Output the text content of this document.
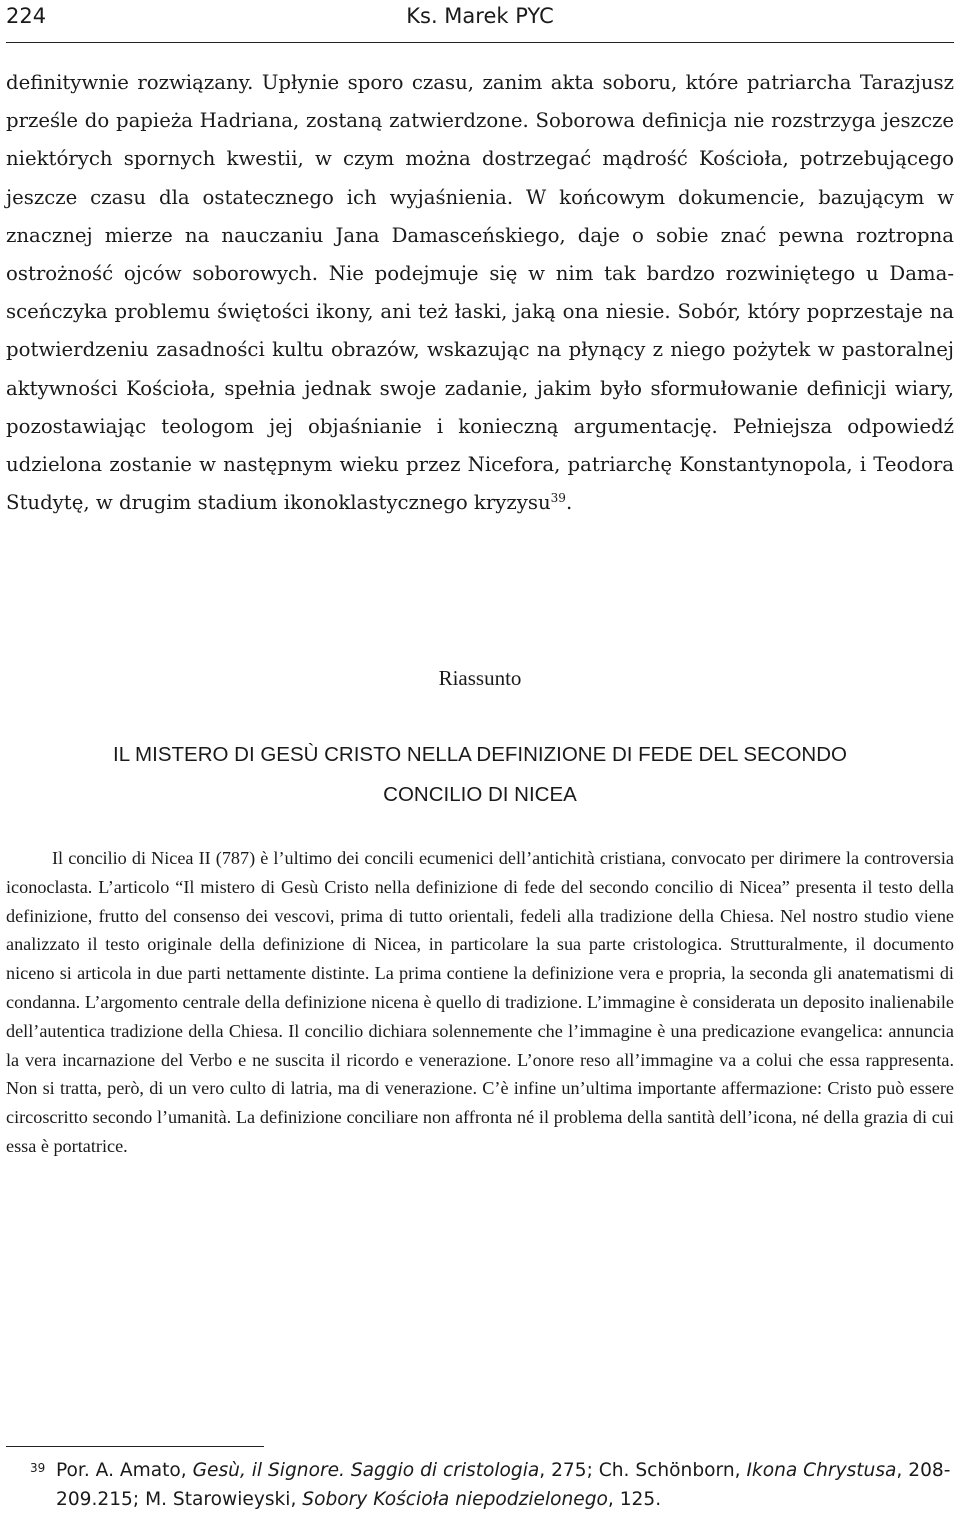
224	Ks. Marek PYC
definitywnie rozwiązany. Upłynie sporo czasu, zanim akta soboru, które patriarcha Tarazjusz prześle do papieża Hadriana, zostaną zatwierdzone. Soborowa definicja nie rozstrzyga jeszcze niektórych spornych kwestii, w czym można dostrzegać mądrość Kościoła, potrzebującego jeszcze czasu dla ostatecznego ich wyjaśnienia. W końcowym dokumencie, bazującym w znacznej mierze na nauczaniu Jana Damasceńskiego, daje o sobie znać pewna roztropna ostrożność ojców soborowych. Nie podejmuje się w nim tak bardzo rozwiniętego u Damasceńczyka problemu świętości ikony, ani też łaski, jaką ona niesie. Sobór, który poprzestaje na potwierdzeniu zasadności kultu obrazów, wskazując na płynący z niego pożytek w pastoralnej aktywności Kościoła, spełnia jednak swoje zadanie, jakim było sformułowanie definicji wiary, pozostawiając teologom jej objaśnianie i konieczną argumentację. Pełniejsza odpowiedź udzielona zostanie w następnym wieku przez Nicefora, patriarchę Konstantynopola, i Teodora Studytę, w drugim stadium ikonoklastycznego kryzysu$^{39}$.
Riassunto
IL MISTERO DI GESÙ CRISTO NELLA DEFINIZIONE DI FEDE DEL SECONDO
CONCILIO DI NICEA
Il concilio di Nicea II (787) è l’ultimo dei concili ecumenici dell’antichità cristiana, convocato per dirimere la controversia iconoclasta. L’articolo “Il mistero di Gesù Cristo nella definizione di fede del secondo concilio di Nicea” presenta il testo della definizione, frutto del consenso dei vescovi, prima di tutto orientali, fedeli alla tradizione della Chiesa. Nel nostro studio viene analizzato il testo originale della definizione di Nicea, in particolare la sua parte cristologica. Strutturalmente, il documento niceno si articola in due parti nettamente distinte. La prima contiene la definizione vera e propria, la seconda gli anatematismi di condanna. L’argomento centrale della definizione nicena è quello di tradizione. L’immagine è considerata un deposito inalienabile dell’autentica tradizione della Chiesa. Il concilio dichiara solennemente che l’immagine è una predicazione evangelica: annuncia la vera incarnazione del Verbo e ne suscita il ricordo e venerazione. L’onore reso all’immagine va a colui che essa rappresenta. Non si tratta, però, di un vero culto di latria, ma di venerazione. C’è infine un’ultima importante affermazione: Cristo può essere circoscritto secondo l’umanità. La definizione conciliare non affronta né il problema della santità dell’icona, né della grazia di cui essa è portatrice.
39 Por. A. Amato, Gesù, il Signore. Saggio di cristologia, 275; Ch. Schönborn, Ikona Chrystusa, 208-209.215; M. Starowieyski, Sobory Kościoła niepodzielonego, 125.
